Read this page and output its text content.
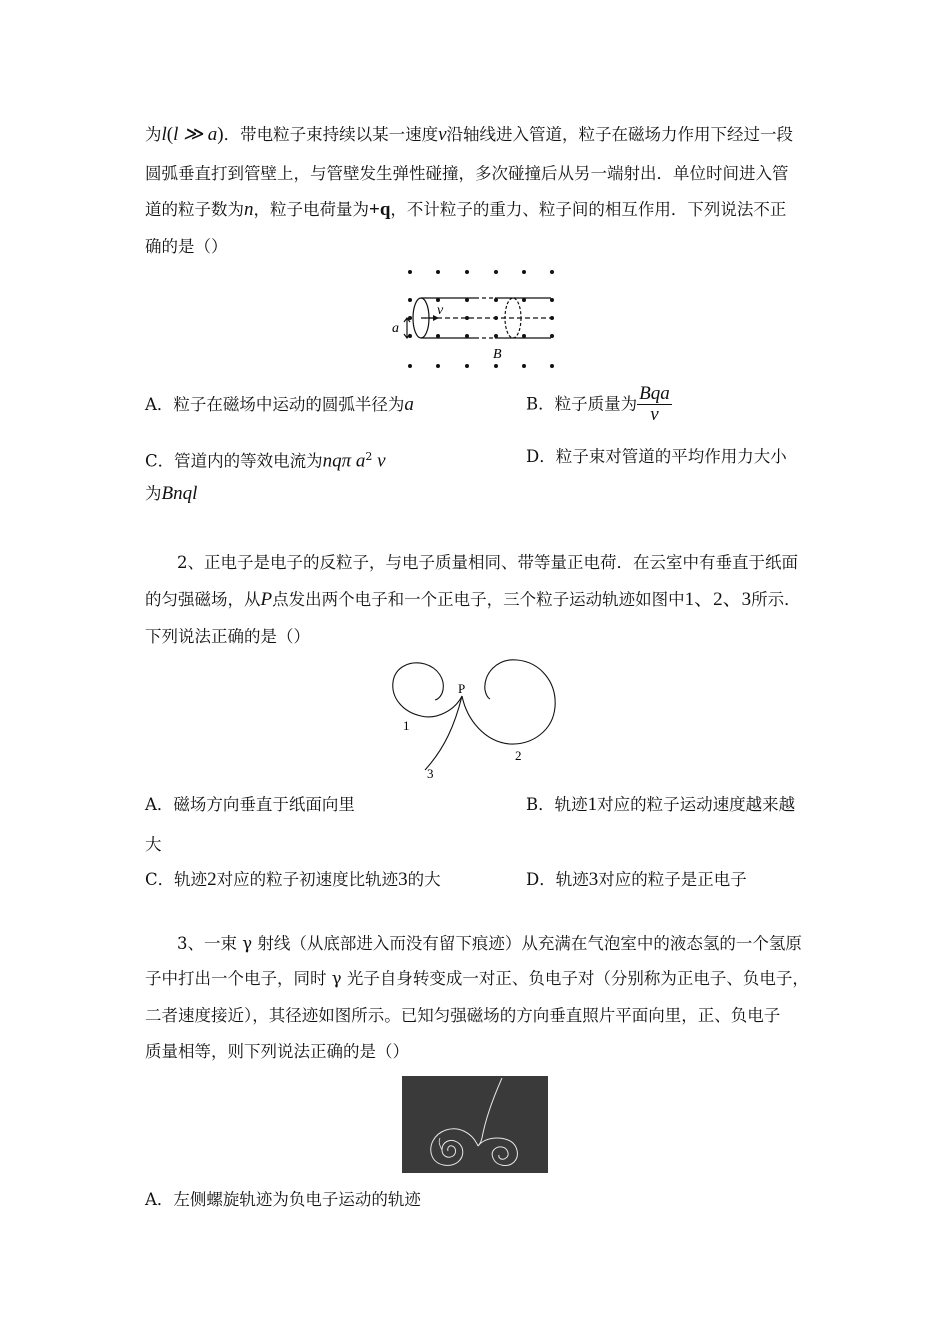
为l(l ≫ a)．带电粒子束持续以某一速度v沿轴线进入管道，粒子在磁场力作用下经过一段
圆弧垂直打到管壁上，与管壁发生弹性碰撞，多次碰撞后从另一端射出．单位时间进入管
道的粒子数为n，粒子电荷量为+q，不计粒子的重力、粒子间的相互作用．下列说法不正
确的是（）
v
a
B
A．粒子在磁场中运动的圆弧半径为a	B．粒子质量为 $\frac{\text{Bqa}}{v}$
C．管道内的等效电流为nqπ $a^2$ v	D．粒子束对管道的平均作用力大小
为Bnql
2、正电子是电子的反粒子，与电子质量相同、带等量正电荷．在云室中有垂直于纸面
的匀强磁场，从P点发出两个电子和一个正电子，三个粒子运动轨迹如图中1、2、3所示．
下列说法正确的是（）
P
1
2
3
A．磁场方向垂直于纸面向里	B．轨迹1对应的粒子运动速度越来越
大
C．轨迹2对应的粒子初速度比轨迹3的大	D．轨迹3对应的粒子是正电子
3、一束 γ 射线（从底部进入而没有留下痕迹）从充满在气泡室中的液态氢的一个氢原
子中打出一个电子，同时 γ 光子自身转变成一对正、负电子对（分别称为正电子、负电子，
二者速度接近），其径迹如图所示。已知匀强磁场的方向垂直照片平面向里，正、负电子
质量相等，则下列说法正确的是（）
A．左侧螺旋轨迹为负电子运动的轨迹
